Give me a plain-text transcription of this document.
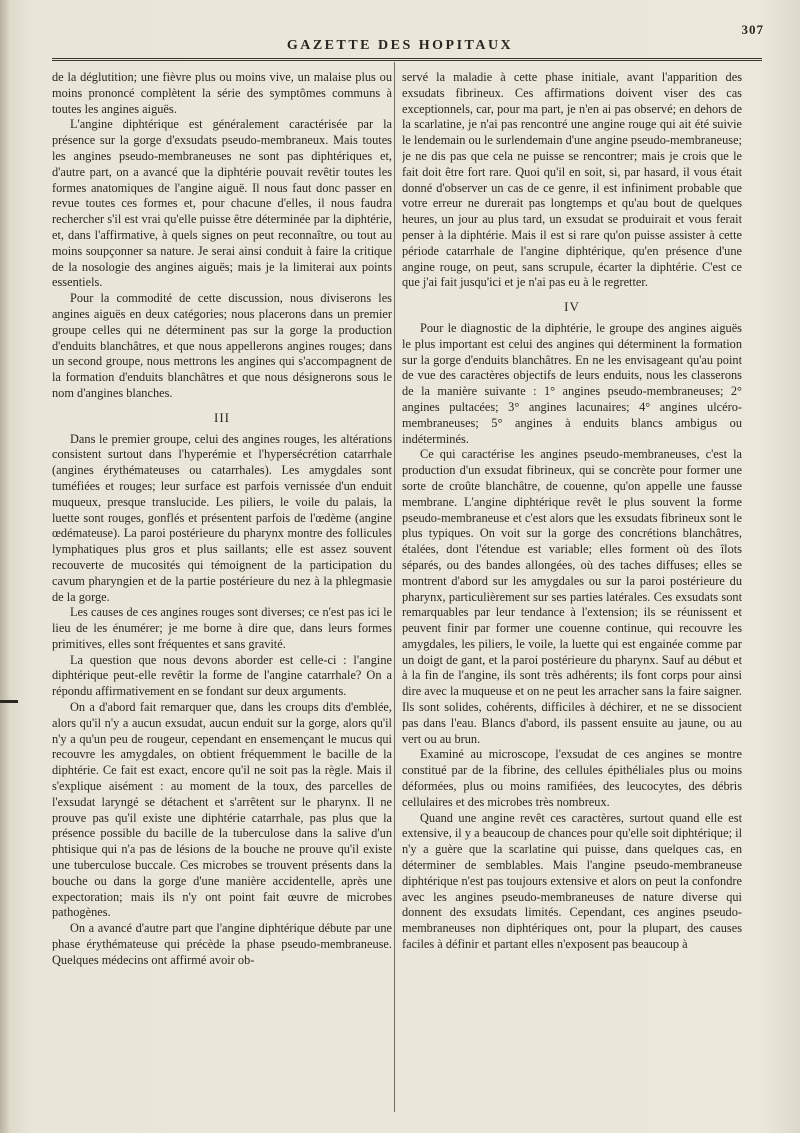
307
GAZETTE DES HOPITAUX

de la déglutition; une fièvre plus ou moins vive, un malaise plus ou moins prononcé complètent la série des symptômes communs à toutes les angines aiguës.

L'angine diphtérique est généralement caractérisée par la présence sur la gorge d'exsudats pseudo-membraneux. Mais toutes les angines pseudo-membraneuses ne sont pas diphtériques et, d'autre part, on a avancé que la diphtérie pouvait revêtir toutes les formes anatomiques de l'angine aiguë. Il nous faut donc passer en revue toutes ces formes et, pour chacune d'elles, il nous faudra rechercher s'il est vrai qu'elle puisse être déterminée par la diphtérie, et, dans l'affirmative, à quels signes on peut reconnaître, ou tout au moins soupçonner sa nature. Je serai ainsi conduit à faire la critique de la nosologie des angines aiguës; mais je la limiterai aux points essentiels.

Pour la commodité de cette discussion, nous diviserons les angines aiguës en deux catégories; nous placerons dans un premier groupe celles qui ne déterminent pas sur la gorge la production d'enduits blanchâtres, et que nous appellerons angines rouges; dans un second groupe, nous mettrons les angines qui s'accompagnent de la formation d'enduits blanchâtres et que nous désignerons sous le nom d'angines blanches.

III

Dans le premier groupe, celui des angines rouges, les altérations consistent surtout dans l'hyperémie et l'hypersécrétion catarrhale (angines érythémateuses ou catarrhales). Les amygdales sont tuméfiées et rouges; leur surface est parfois vernissée d'un enduit muqueux, presque translucide. Les piliers, le voile du palais, la luette sont rouges, gonflés et présentent parfois de l'œdème (angine œdémateuse). La paroi postérieure du pharynx montre des follicules lymphatiques plus gros et plus saillants; elle est assez souvent recouverte de mucosités qui témoignent de la participation du cavum pharyngien et de la partie postérieure du nez à la phlegmasie de la gorge.

Les causes de ces angines rouges sont diverses; ce n'est pas ici le lieu de les énumérer; je me borne à dire que, dans leurs formes primitives, elles sont fréquentes et sans gravité.

La question que nous devons aborder est celle-ci : l'angine diphtérique peut-elle revêtir la forme de l'angine catarrhale? On a répondu affirmativement en se fondant sur deux arguments.

On a d'abord fait remarquer que, dans les croups dits d'emblée, alors qu'il n'y a aucun exsudat, aucun enduit sur la gorge, alors qu'il n'y a qu'un peu de rougeur, cependant en ensemençant le mucus qui recouvre les amygdales, on obtient fréquemment le bacille de la diphtérie. Ce fait est exact, encore qu'il ne soit pas la règle. Mais il s'explique aisément : au moment de la toux, des parcelles de l'exsudat laryngé se détachent et s'arrêtent sur le pharynx. Il ne prouve pas qu'il existe une diphtérie catarrhale, pas plus que la présence possible du bacille de la tuberculose dans la salive d'un phtisique qui n'a pas de lésions de la bouche ne prouve qu'il existe une tuberculose buccale. Ces microbes se trouvent présents dans la bouche ou dans la gorge d'une manière accidentelle, après une expectoration; mais ils n'y ont point fait œuvre de microbes pathogènes.

On a avancé d'autre part que l'angine diphtérique débute par une phase érythémateuse qui précède la phase pseudo-membraneuse. Quelques médecins ont affirmé avoir ob-

servé la maladie à cette phase initiale, avant l'apparition des exsudats fibrineux. Ces affirmations doivent viser des cas exceptionnels, car, pour ma part, je n'en ai pas observé; en dehors de la scarlatine, je n'ai pas rencontré une angine rouge qui ait été suivie le lendemain ou le surlendemain d'une angine pseudo-membraneuse; je ne dis pas que cela ne puisse se rencontrer; mais je crois que le fait doit être fort rare. Quoi qu'il en soit, si, par hasard, il vous était donné d'observer un cas de ce genre, il est infiniment probable que votre erreur ne durerait pas longtemps et qu'au bout de quelques heures, un jour au plus tard, un exsudat se produirait et vous ferait penser à la diphtérie. Mais il est si rare qu'on puisse assister à cette période catarrhale de l'angine diphtérique, qu'en présence d'une angine rouge, on peut, sans scrupule, écarter la diphtérie. C'est ce que j'ai fait jusqu'ici et je n'ai pas eu à le regretter.

IV

Pour le diagnostic de la diphtérie, le groupe des angines aiguës le plus important est celui des angines qui déterminent la formation sur la gorge d'enduits blanchâtres. En ne les envisageant qu'au point de vue des caractères objectifs de leurs enduits, nous les classerons de la manière suivante : 1° angines pseudo-membraneuses; 2° angines pultacées; 3° angines lacunaires; 4° angines ulcéro-membraneuses; 5° angines à enduits blancs ambigus ou indéterminés.

Ce qui caractérise les angines pseudo-membraneuses, c'est la production d'un exsudat fibrineux, qui se concrète pour former une sorte de croûte blanchâtre, de couenne, qu'on appelle une fausse membrane. L'angine diphtérique revêt le plus souvent la forme pseudo-membraneuse et c'est alors que les exsudats fibrineux sont le plus typiques. On voit sur la gorge des concrétions blanchâtres, étalées, dont l'étendue est variable; elles forment où des îlots séparés, ou des bandes allongées, où des taches diffuses; elles se montrent d'abord sur les amygdales ou sur la paroi postérieure du pharynx, particulièrement sur ses parties latérales. Ces exsudats sont remarquables par leur tendance à l'extension; ils se réunissent et peuvent finir par former une couenne continue, qui recouvre les amygdales, les piliers, le voile, la luette qui est engainée comme par un doigt de gant, et la paroi postérieure du pharynx. Sauf au début et à la fin de l'angine, ils sont très adhérents; ils font corps pour ainsi dire avec la muqueuse et on ne peut les arracher sans la faire saigner. Ils sont solides, cohérents, difficiles à déchirer, et ne se dissocient pas dans l'eau. Blancs d'abord, ils passent ensuite au jaune, ou au vert ou au brun.

Examiné au microscope, l'exsudat de ces angines se montre constitué par de la fibrine, des cellules épithéliales plus ou moins déformées, plus ou moins ramifiées, des leucocytes, des débris cellulaires et des microbes très nombreux.

Quand une angine revêt ces caractères, surtout quand elle est extensive, il y a beaucoup de chances pour qu'elle soit diphtérique; il n'y a guère que la scarlatine qui puisse, dans quelques cas, en déterminer de semblables. Mais l'angine pseudo-membraneuse diphtérique n'est pas toujours extensive et alors on peut la confondre avec les angines pseudo-membraneuses de nature diverse qui donnent des exsudats limités. Cependant, ces angines pseudo-membraneuses non diphtériques ont, pour la plupart, des causes faciles à définir et partant elles n'exposent pas beaucoup à
